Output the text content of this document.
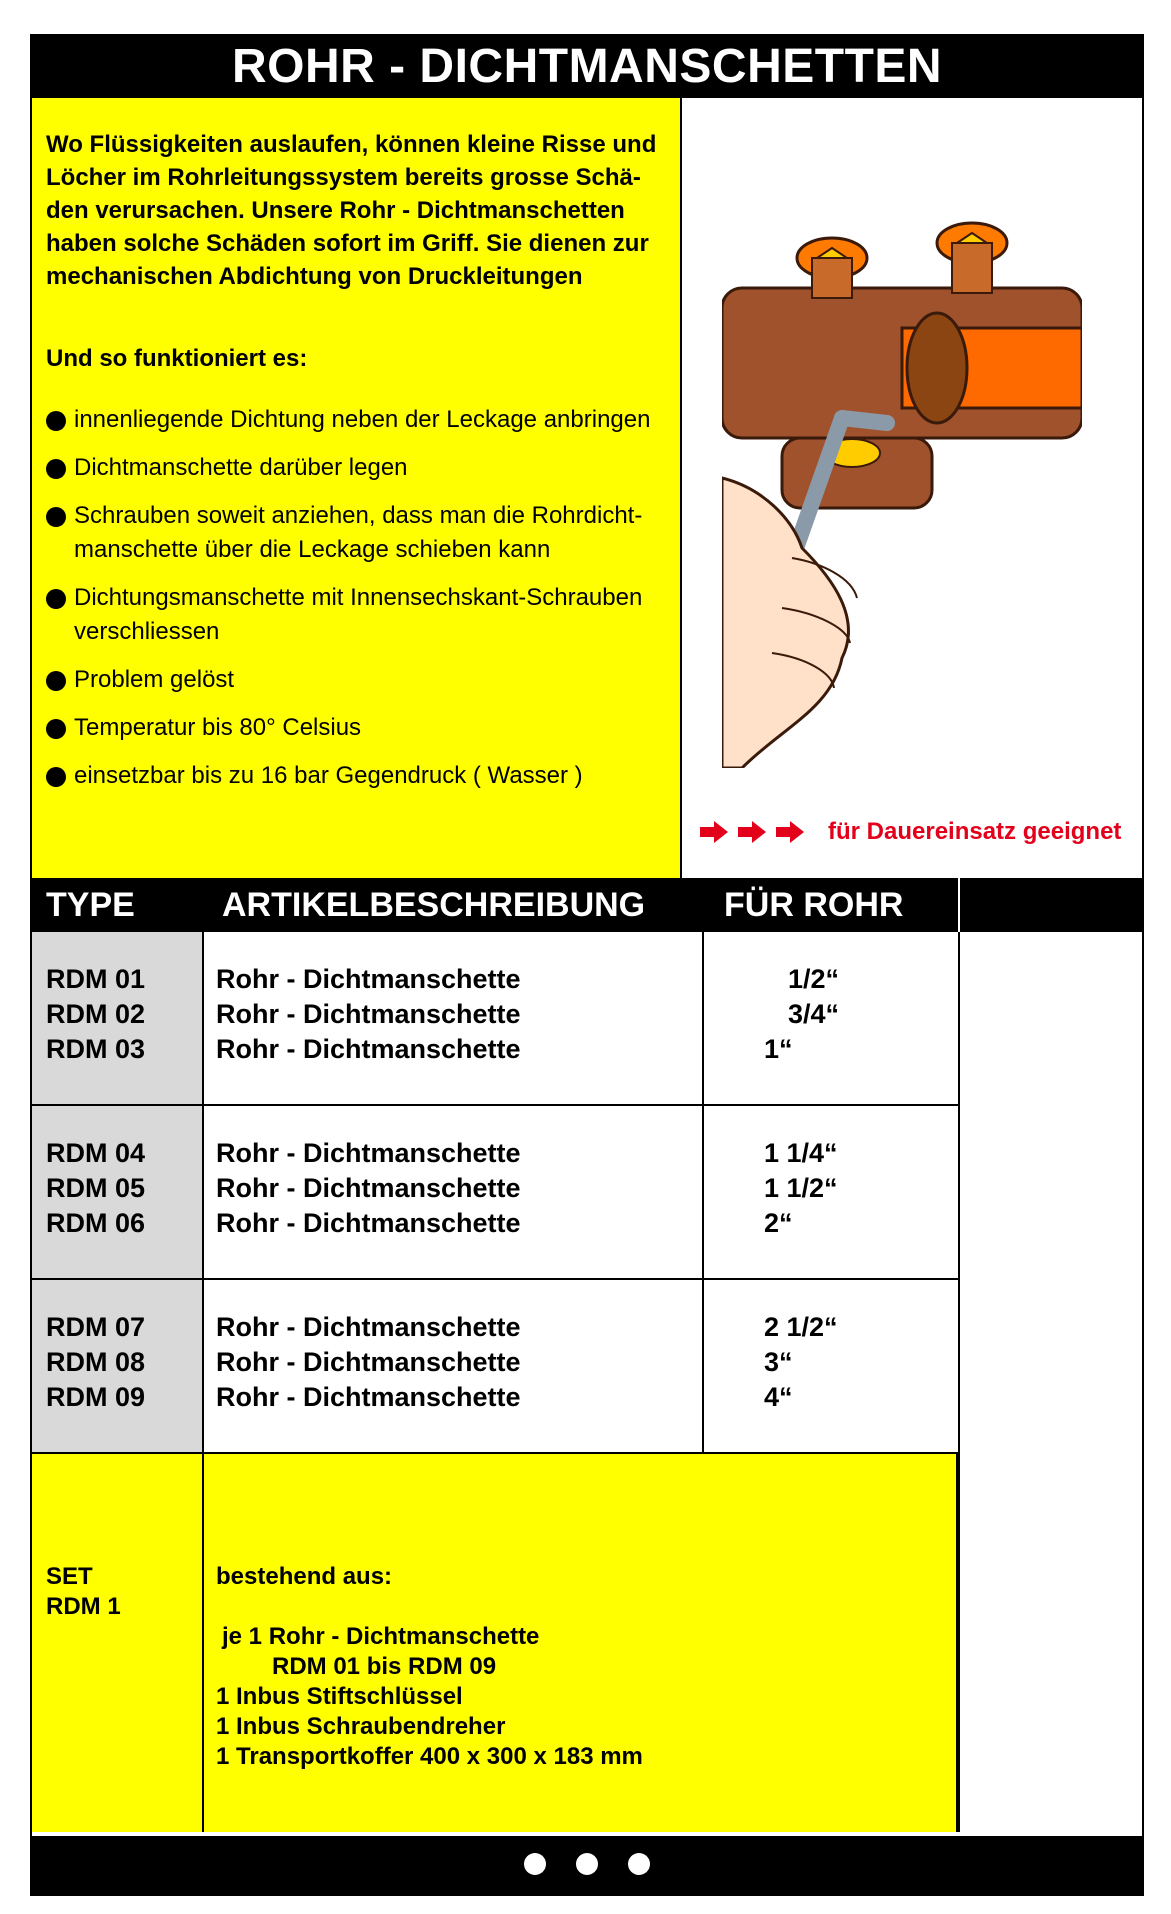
ROHR - DICHTMANSCHETTEN
Wo Flüssigkeiten auslaufen, können kleine Risse und
Löcher im Rohrleitungssystem bereits grosse Schä-
den verursachen. Unsere Rohr - Dichtmanschetten
haben solche Schäden sofort im Griff. Sie dienen zur
mechanischen Abdichtung von Druckleitungen
Und so funktioniert es:
innenliegende Dichtung neben der Leckage anbringen
Dichtmanschette darüber legen
Schrauben soweit anziehen, dass man die Rohrdicht-
manschette über die Leckage schieben kann
Dichtungsmanschette mit Innensechskant-Schrauben
verschliessen
Problem gelöst
Temperatur bis 80° Celsius
einsetzbar bis zu 16 bar Gegendruck ( Wasser )
für Dauereinsatz geeignet
TYPE	ARTIKELBESCHREIBUNG FÜR ROHR
RDM 01
RDM 02
RDM 03
Rohr - Dichtmanschette
Rohr - Dichtmanschette
Rohr - Dichtmanschette
1/2“
3/4“
1“
RDM 04
RDM 05
RDM 06
Rohr - Dichtmanschette
Rohr - Dichtmanschette
Rohr - Dichtmanschette
1 1/4“
1 1/2“
2“
RDM 07
RDM 08
RDM 09
Rohr - Dichtmanschette
Rohr - Dichtmanschette
Rohr - Dichtmanschette
2 1/2“
3“
4“
SET
RDM 1
bestehend aus:
je 1 Rohr - Dichtmanschette
RDM 01 bis RDM 09
1 Inbus Stiftschlüssel
1 Inbus Schraubendreher
1 Transportkoffer 400 x 300 x 183 mm
